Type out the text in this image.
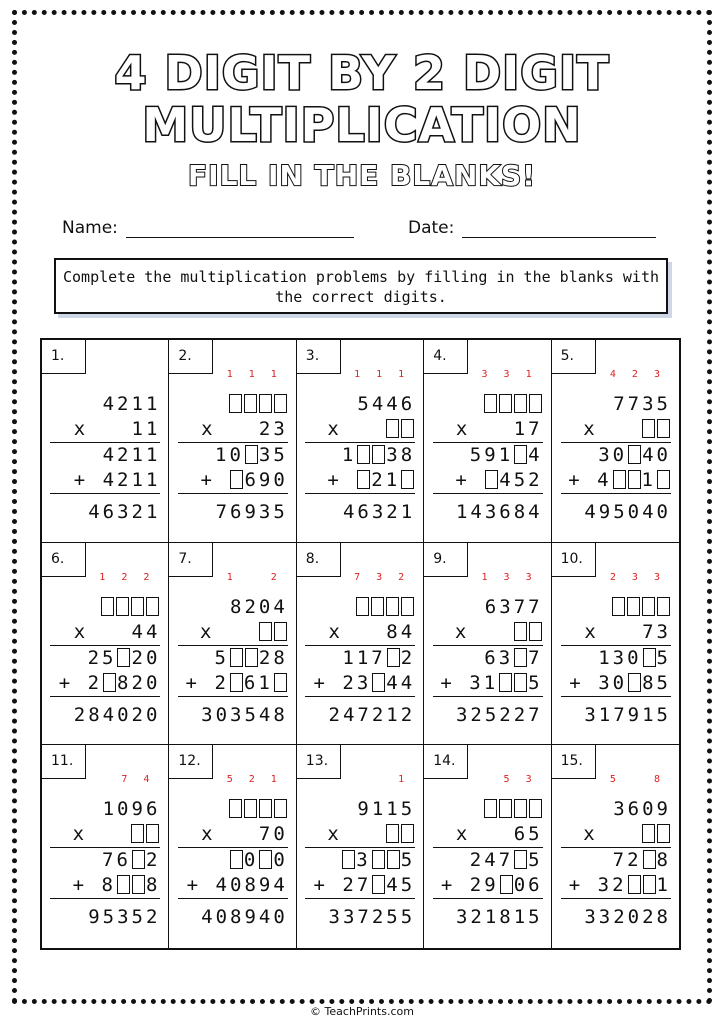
4 DIGIT BY 2 DIGIT
MULTIPLICATION
FILL IN THE BLANKS!
Name:	Date:
Complete the multiplication problems by filling in the blanks with the correct digits.
1.
4211
x   11
4211
+ 4211
46321
2.
1 1 1
x   23
10 35
+ 690
76935
3.
1 1 1
5446
x
1 38
+ 21
46321
4.
3 3 1
x   17
591 4
+ 452
143684
5.
4 2 3
7735
x
30 40
+ 4 1
495040
6.
1 2 2
x   44
25 20
+ 2 820
284020
7.
1   2
8204
x
5 28
+ 2 61
303548
8.
7 3 2
x   84
117 2
+ 23 44
247212
9.
1 3 3
6377
x
63 7
+ 31 5
325227
10.
2 3 3
x   73
130 5
+ 30 85
317915
11.
7 4
1096
x
76 2
+ 8 8
95352
12.
5 2 1
x   70
0 0
+ 40894
408940
13.
1
9115
x
3 5
+ 27 45
337255
14.
5 3
x   65
247 5
+ 29 06
321815
15.
5   8
3609
x
72 8
+ 32 1
332028
© TeachPrints.com
